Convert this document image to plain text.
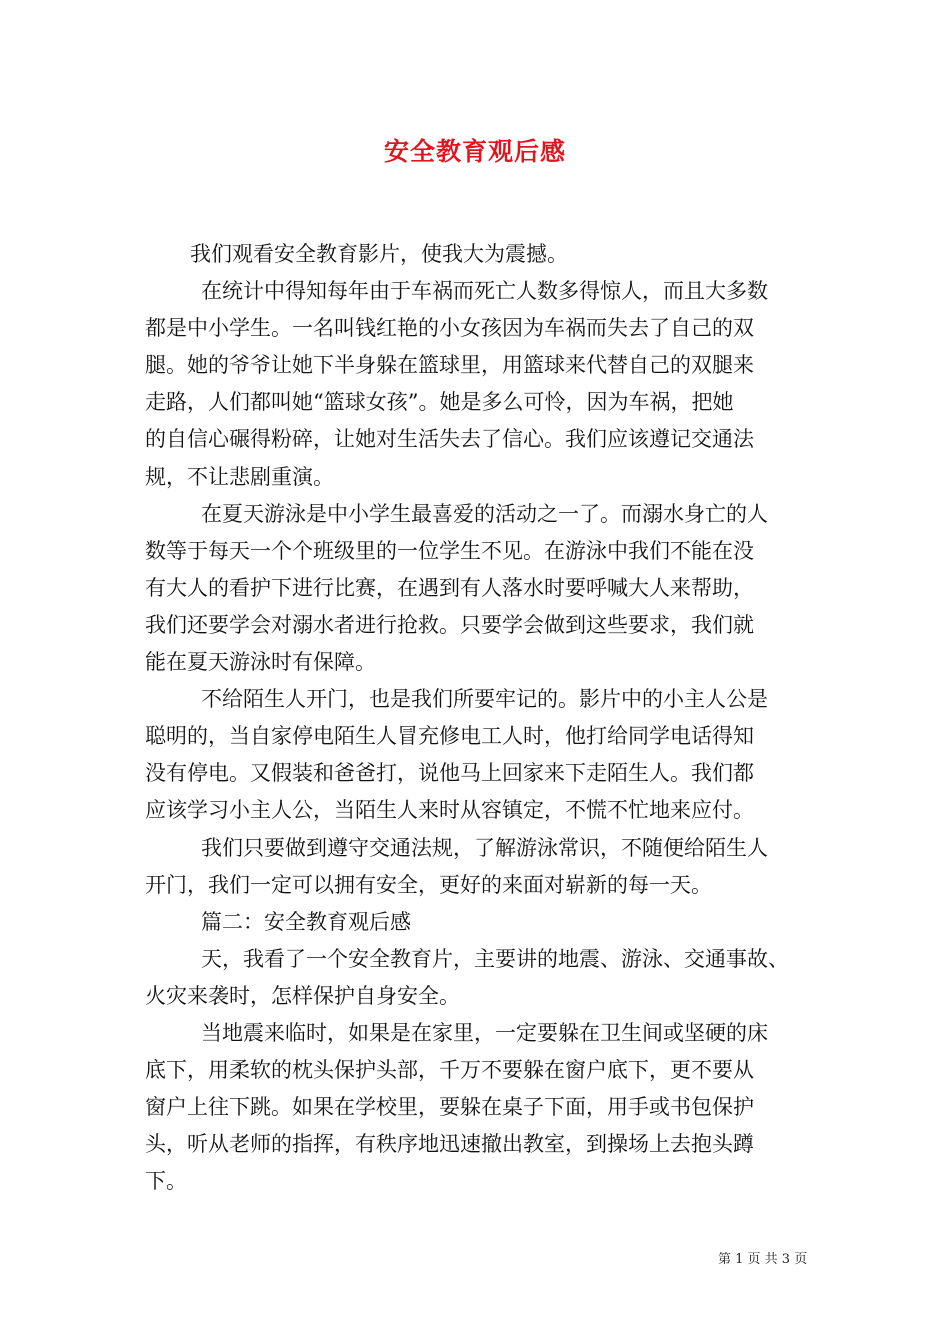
安全教育观后感
我们观看安全教育影片，使我大为震撼。
在统计中得知每年由于车祸而死亡人数多得惊人，而且大多数
都是中小学生。一名叫钱红艳的小女孩因为车祸而失去了自己的双
腿。她的爷爷让她下半身躲在篮球里，用篮球来代替自己的双腿来
走路，人们都叫她“篮球女孩”。她是多么可怜，因为车祸，把她
的自信心碾得粉碎，让她对生活失去了信心。我们应该遵记交通法
规，不让悲剧重演。
在夏天游泳是中小学生最喜爱的活动之一了。而溺水身亡的人
数等于每天一个个班级里的一位学生不见。在游泳中我们不能在没
有大人的看护下进行比赛，在遇到有人落水时要呼喊大人来帮助，
我们还要学会对溺水者进行抢救。只要学会做到这些要求，我们就
能在夏天游泳时有保障。
不给陌生人开门，也是我们所要牢记的。影片中的小主人公是
聪明的，当自家停电陌生人冒充修电工人时，他打给同学电话得知
没有停电。又假装和爸爸打，说他马上回家来下走陌生人。我们都
应该学习小主人公，当陌生人来时从容镇定，不慌不忙地来应付。
我们只要做到遵守交通法规，了解游泳常识，不随便给陌生人
开门，我们一定可以拥有安全，更好的来面对崭新的每一天。
篇二：安全教育观后感
天，我看了一个安全教育片，主要讲的地震、游泳、交通事故、
火灾来袭时，怎样保护自身安全。
当地震来临时，如果是在家里，一定要躲在卫生间或坚硬的床
底下，用柔软的枕头保护头部，千万不要躲在窗户底下，更不要从
窗户上往下跳。如果在学校里，要躲在桌子下面，用手或书包保护
头，听从老师的指挥，有秩序地迅速撤出教室，到操场上去抱头蹲
下。
第 1 页 共 3 页
